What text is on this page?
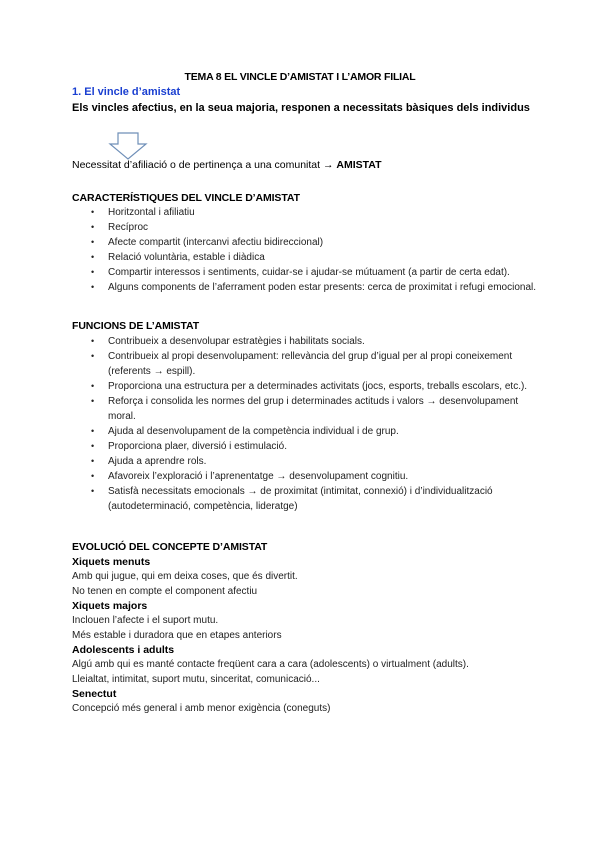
TEMA 8 EL VINCLE D’AMISTAT I L’AMOR FILIAL
1. El vincle d’amistat
Els vincles afectius, en la seua majoria, responen a necessitats bàsiques dels individus
Necessitat d’afiliació o de pertinença a una comunitat → AMISTAT
CARACTERÍSTIQUES DEL VINCLE D’AMISTAT
• Horitzontal i afiliatiu
• Recíproc
• Afecte compartit (intercanvi afectiu bidireccional)
• Relació voluntària, estable i diàdica
• Compartir interessos i sentiments, cuidar-se i ajudar-se mútuament (a partir de certa edat).
• Alguns components de l’aferrament poden estar presents: cerca de proximitat i refugi emocional.
FUNCIONS DE L’AMISTAT
• Contribueix a desenvolupar estratègies i habilitats socials.
• Contribueix al propi desenvolupament: rellevància del grup d’igual per al propi coneixement (referents → espill).
• Proporciona una estructura per a determinades activitats (jocs, esports, treballs escolars, etc.).
• Reforça i consolida les normes del grup i determinades actituds i valors → desenvolupament moral.
• Ajuda al desenvolupament de la competència individual i de grup.
• Proporciona plaer, diversió i estimulació.
• Ajuda a aprendre rols.
• Afavoreix l’exploració i l’aprenentatge → desenvolupament cognitiu.
• Satisfà necessitats emocionals → de proximitat (intimitat, connexió) i d’individualització (autodeterminació, competència, lideratge)
EVOLUCIÓ DEL CONCEPTE D’AMISTAT
Xiquets menuts
Amb qui jugue, qui em deixa coses, que és divertit.
No tenen en compte el component afectiu
Xiquets majors
Inclouen l’afecte i el suport mutu.
Més estable i duradora que en etapes anteriors
Adolescents i adults
Algú amb qui es manté contacte freqüent cara a cara (adolescents) o virtualment (adults).
Lleialtat, intimitat, suport mutu, sinceritat, comunicació...
Senectut
Concepció més general i amb menor exigència (coneguts)
